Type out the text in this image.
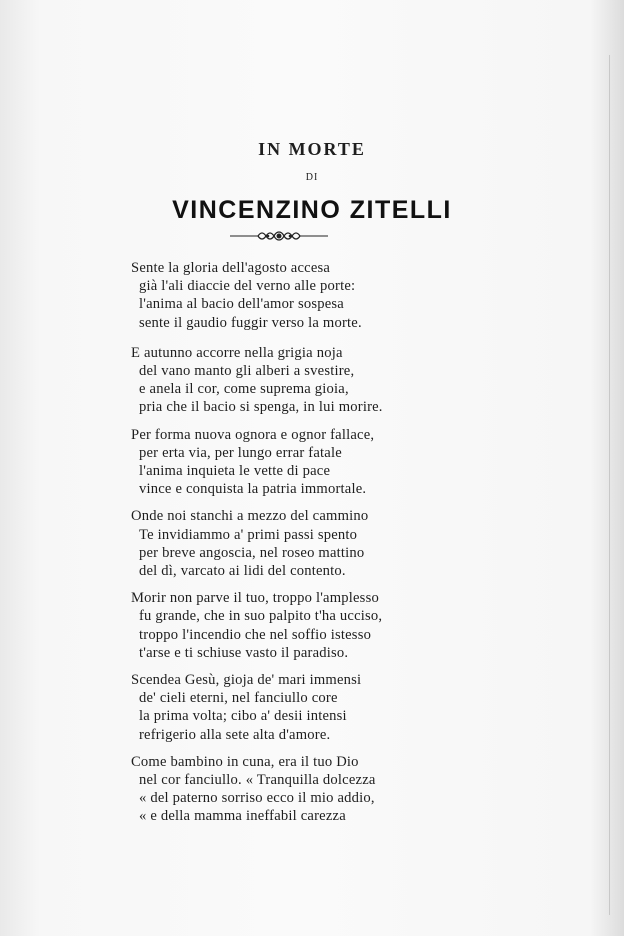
IN MORTE
DI
VINCENZINO ZITELLI
Sente la gloria dell'agosto accesa
già l'ali diaccie del verno alle porte:
l'anima al bacio dell'amor sospesa
sente il gaudio fuggir verso la morte.
E autunno accorre nella grigia noja
del vano manto gli alberi a svestire,
e anela il cor, come suprema gioia,
pria che il bacio si spenga, in lui morire.
Per forma nuova ognora e ognor fallace,
per erta via, per lungo errar fatale
l'anima inquieta le vette di pace
vince e conquista la patria immortale.
Onde noi stanchi a mezzo del cammino
Te invidiammo a' primi passi spento
per breve angoscia, nel roseo mattino
del dì, varcato ai lidi del contento.
Morir non parve il tuo, troppo l'amplesso
fu grande, che in suo palpito t'ha ucciso,
troppo l'incendio che nel soffio istesso
t'arse e ti schiuse vasto il paradiso.
Scendea Gesù, gioja de' mari immensi
de' cieli eterni, nel fanciullo core
la prima volta; cibo a' desii intensi
refrigerio alla sete alta d'amore.
Come bambino in cuna, era il tuo Dio
nel cor fanciullo. « Tranquilla dolcezza
« del paterno sorriso ecco il mio addio,
« e della mamma ineffabil carezza
